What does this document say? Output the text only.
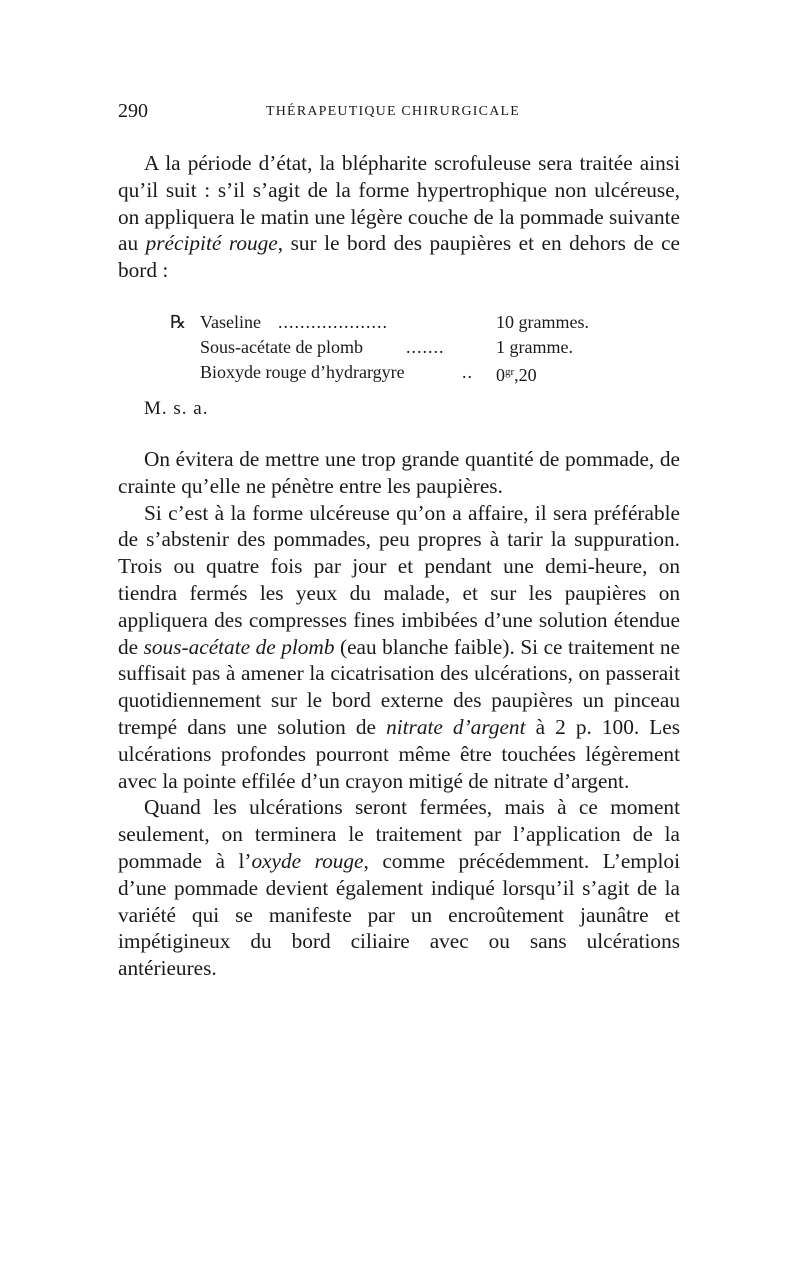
290	THÉRAPEUTIQUE CHIRURGICALE

A la période d’état, la blépharite scrofuleuse sera traitée ainsi qu’il suit : s’il s’agit de la forme hypertrophique non ulcéreuse, on appliquera le matin une légère couche de la pommade suivante au précipité rouge, sur le bord des paupières et en dehors de ce bord :

℞ Vaseline ....................	10 grammes.
Sous-acétate de plomb .......	1 gramme.
Bioxyde rouge d’hydrargyre	.. $0^{gr},20$
M. s. a.

On évitera de mettre une trop grande quantité de pommade, de crainte qu’elle ne pénètre entre les paupières.

Si c’est à la forme ulcéreuse qu’on a affaire, il sera préférable de s’abstenir des pommades, peu propres à tarir la suppuration. Trois ou quatre fois par jour et pendant une demi-heure, on tiendra fermés les yeux du malade, et sur les paupières on appliquera des compresses fines imbibées d’une solution étendue de sous-acétate de plomb (eau blanche faible). Si ce traitement ne suffisait pas à amener la cicatrisation des ulcérations, on passerait quotidiennement sur le bord externe des paupières un pinceau trempé dans une solution de nitrate d’argent à 2 p. 100. Les ulcérations profondes pourront même être touchées légèrement avec la pointe effilée d’un crayon mitigé de nitrate d’argent.

Quand les ulcérations seront fermées, mais à ce moment seulement, on terminera le traitement par l’application de la pommade à l’oxyde rouge, comme précédemment. L’emploi d’une pommade devient également indiqué lorsqu’il s’agit de la variété qui se manifeste par un encroûtement jaunâtre et impétigineux du bord ciliaire avec ou sans ulcérations antérieures.
